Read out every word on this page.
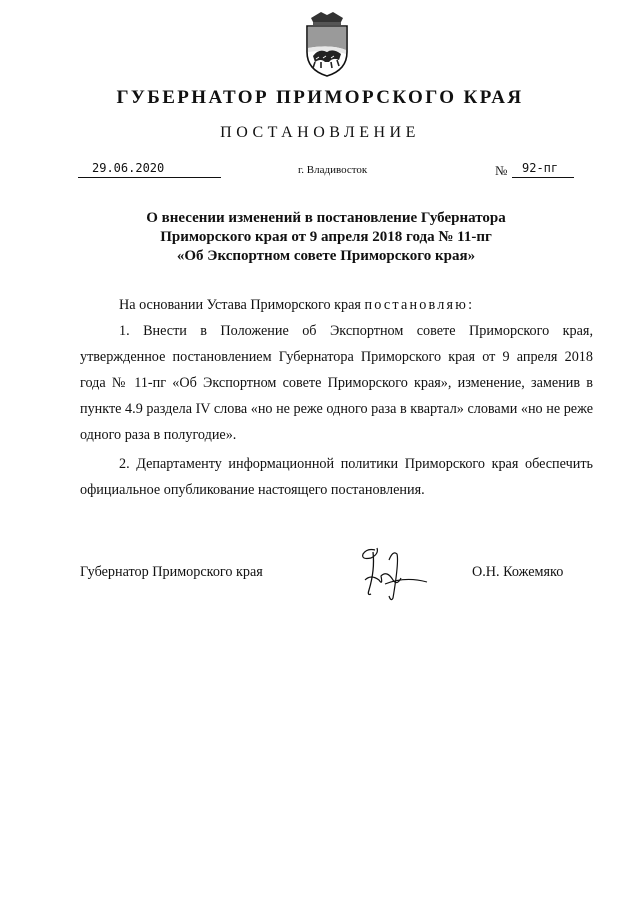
ГУБЕРНАТОР ПРИМОРСКОГО КРАЯ
ПОСТАНОВЛЕНИЕ
29.06.2020	г. Владивосток	№	92-пг
О внесении изменений в постановление Губернатора
Приморского края от 9 апреля 2018 года № 11-пг
«Об Экспортном совете Приморского края»
На основании Устава Приморского края постановляю:
1. Внести в Положение об Экспортном совете Приморского края, утвержденное постановлением Губернатора Приморского края от 9 апреля 2018 года № 11-пг «Об Экспортном совете Приморского края», изменение, заменив в пункте 4.9 раздела IV слова «но не реже одного раза в квартал» словами «но не реже одного раза в полугодие».
2. Департаменту информационной политики Приморского края обеспечить официальное опубликование настоящего постановления.
Губернатор Приморского края	О.Н. Кожемяко
